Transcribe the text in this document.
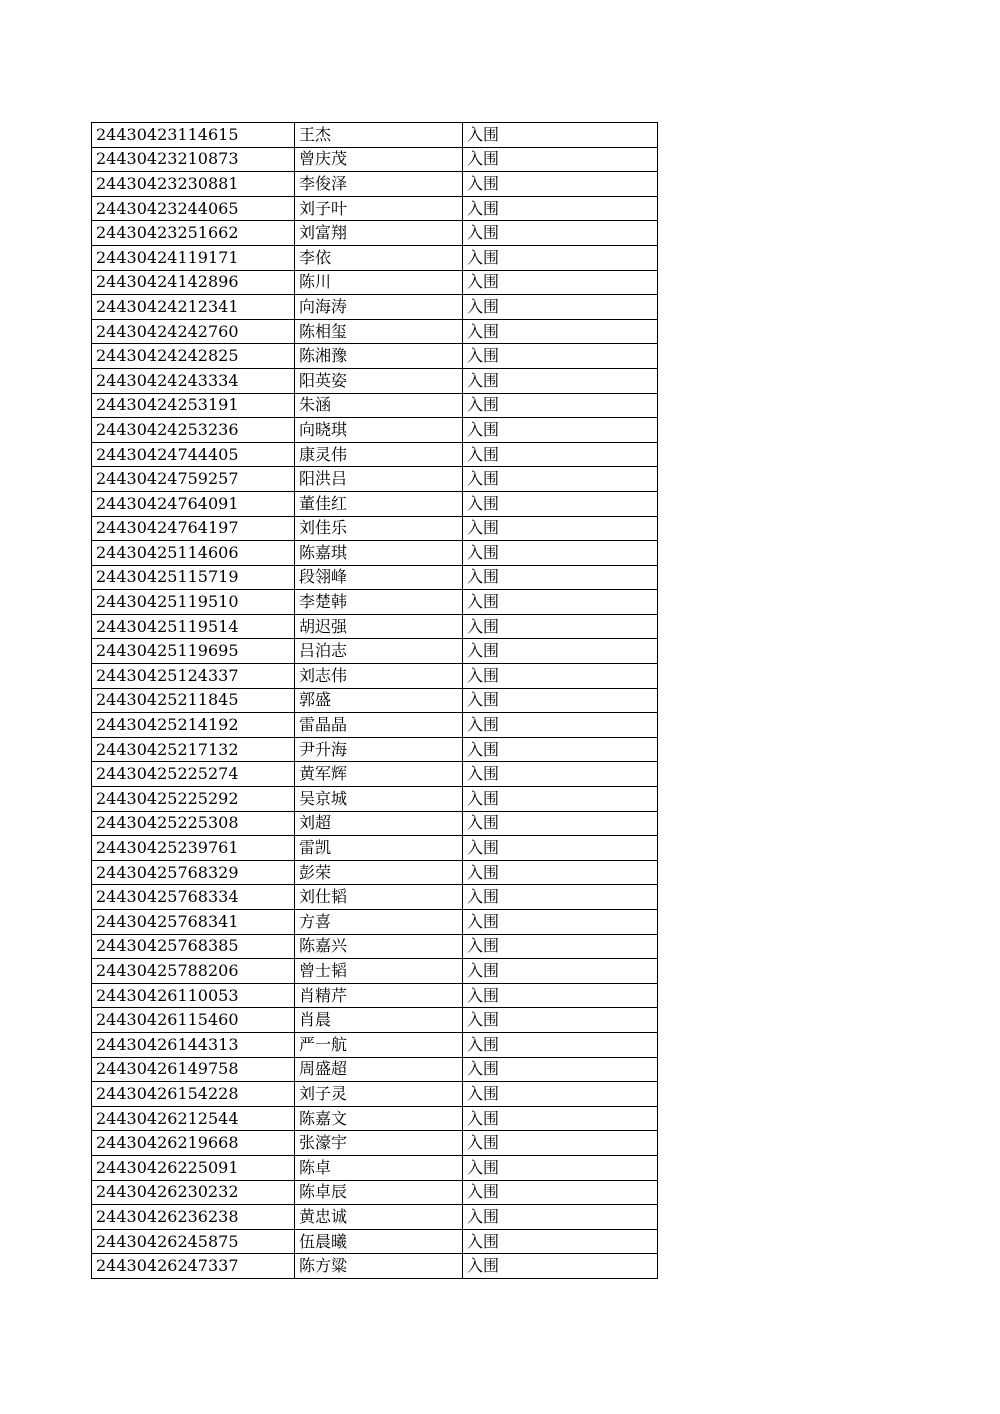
24430423114615	王杰	入围
24430423210873	曾庆茂	入围
24430423230881	李俊泽	入围
24430423244065	刘子叶	入围
24430423251662	刘富翔	入围
24430424119171	李依	入围
24430424142896	陈川	入围
24430424212341	向海涛	入围
24430424242760	陈相玺	入围
24430424242825	陈湘豫	入围
24430424243334	阳英姿	入围
24430424253191	朱涵	入围
24430424253236	向晓琪	入围
24430424744405	康灵伟	入围
24430424759257	阳洪吕	入围
24430424764091	董佳红	入围
24430424764197	刘佳乐	入围
24430425114606	陈嘉琪	入围
24430425115719	段翎峰	入围
24430425119510	李楚韩	入围
24430425119514	胡迟强	入围
24430425119695	吕泊志	入围
24430425124337	刘志伟	入围
24430425211845	郭盛	入围
24430425214192	雷晶晶	入围
24430425217132	尹升海	入围
24430425225274	黄军辉	入围
24430425225292	吴京城	入围
24430425225308	刘超	入围
24430425239761	雷凯	入围
24430425768329	彭荣	入围
24430425768334	刘仕韬	入围
24430425768341	方喜	入围
24430425768385	陈嘉兴	入围
24430425788206	曾士韬	入围
24430426110053	肖精芹	入围
24430426115460	肖晨	入围
24430426144313	严一航	入围
24430426149758	周盛超	入围
24430426154228	刘子灵	入围
24430426212544	陈嘉文	入围
24430426219668	张濠宇	入围
24430426225091	陈卓	入围
24430426230232	陈卓辰	入围
24430426236238	黄忠诚	入围
24430426245875	伍晨曦	入围
24430426247337	陈方粱	入围
